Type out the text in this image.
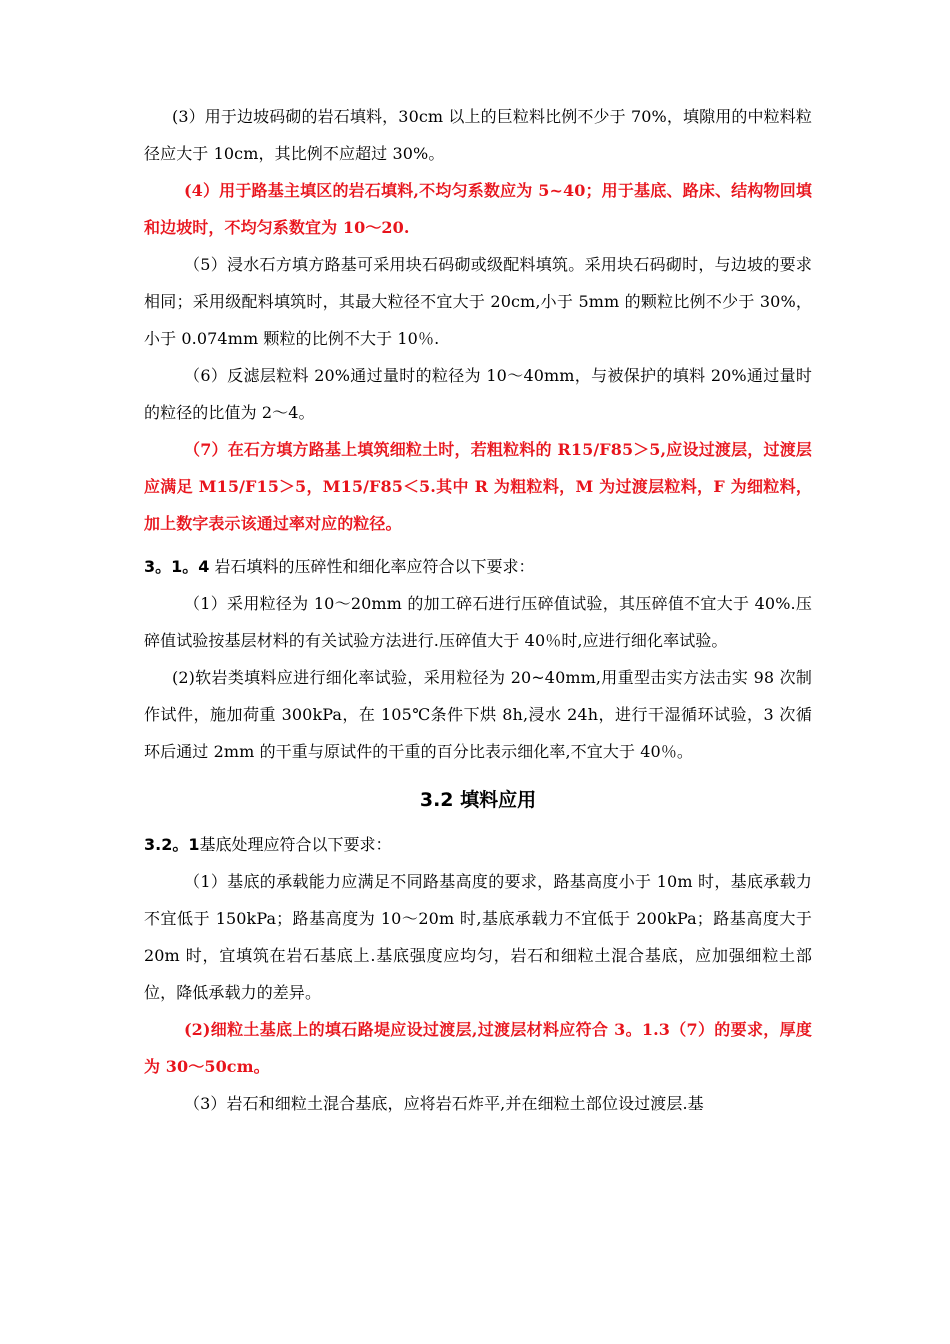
(3）用于边坡码砌的岩石填料，30cm 以上的巨粒料比例不少于 70%，填隙用的中粒料粒径应大于 10cm，其比例不应超过 30%。

(4）用于路基主填区的岩石填料,不均匀系数应为 5~40；用于基底、路床、结构物回填和边坡时，不均匀系数宜为 10～20.

（5）浸水石方填方路基可采用块石码砌或级配料填筑。采用块石码砌时，与边坡的要求相同；采用级配料填筑时，其最大粒径不宜大于 20cm,小于 5mm 的颗粒比例不少于 30%，小于 0.074mm 颗粒的比例不大于 10％.

（6）反滤层粒料 20%通过量时的粒径为 10～40mm，与被保护的填料 20%通过量时的粒径的比值为 2～4。

（7）在石方填方路基上填筑细粒土时，若粗粒料的 R15/F85＞5,应设过渡层，过渡层应满足 M15/F15＞5，M15/F85＜5.其中 R 为粗粒料，M 为过渡层粒料，F 为细粒料，加上数字表示该通过率对应的粒径。

3。1。4 岩石填料的压碎性和细化率应符合以下要求：

（1）采用粒径为 10～20mm 的加工碎石进行压碎值试验，其压碎值不宜大于 40%.压碎值试验按基层材料的有关试验方法进行.压碎值大于 40％时,应进行细化率试验。

(2)软岩类填料应进行细化率试验，采用粒径为 20~40mm,用重型击实方法击实 98 次制作试件，施加荷重 300kPa，在 105℃条件下烘 8h,浸水 24h，进行干湿循环试验，3 次循环后通过 2mm 的干重与原试件的干重的百分比表示细化率,不宜大于 40％。

3.2 填料应用

3.2。1基底处理应符合以下要求：

（1）基底的承载能力应满足不同路基高度的要求，路基高度小于 10m 时，基底承载力不宜低于 150kPa；路基高度为 10～20m 时,基底承载力不宜低于 200kPa；路基高度大于 20m 时，宜填筑在岩石基底上.基底强度应均匀，岩石和细粒土混合基底，应加强细粒土部位，降低承载力的差异。

(2)细粒土基底上的填石路堤应设过渡层,过渡层材料应符合 3。1.3（7）的要求，厚度为 30～50cm。

（3）岩石和细粒土混合基底，应将岩石炸平,并在细粒土部位设过渡层.基
